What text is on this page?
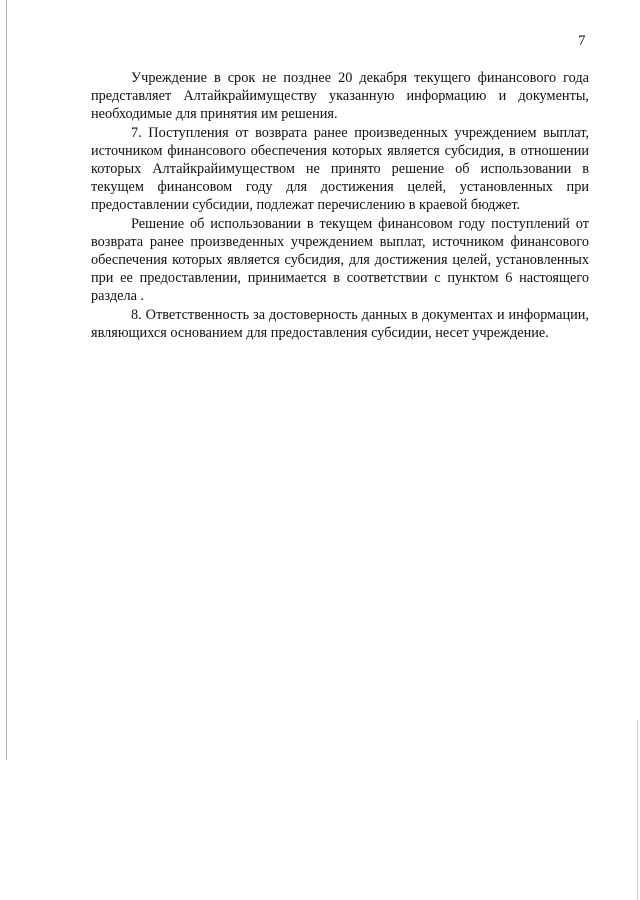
7

Учреждение в срок не позднее 20 декабря текущего финансового года представляет Алтайкрайимуществу указанную информацию и документы, необходимые для принятия им решения.

7. Поступления от возврата ранее произведенных учреждением выплат, источником финансового обеспечения которых является субсидия, в отношении которых Алтайкрайимуществом не принято решение об использовании в текущем финансовом году для достижения целей, установленных при предоставлении субсидии, подлежат перечислению в краевой бюджет.

Решение об использовании в текущем финансовом году поступлений от возврата ранее произведенных учреждением выплат, источником финансового обеспечения которых является субсидия, для достижения целей, установленных при ее предоставлении, принимается в соответствии с пунктом 6 настоящего раздела .

8. Ответственность за достоверность данных в документах и информации, являющихся основанием для предоставления субсидии, несет учреждение.
